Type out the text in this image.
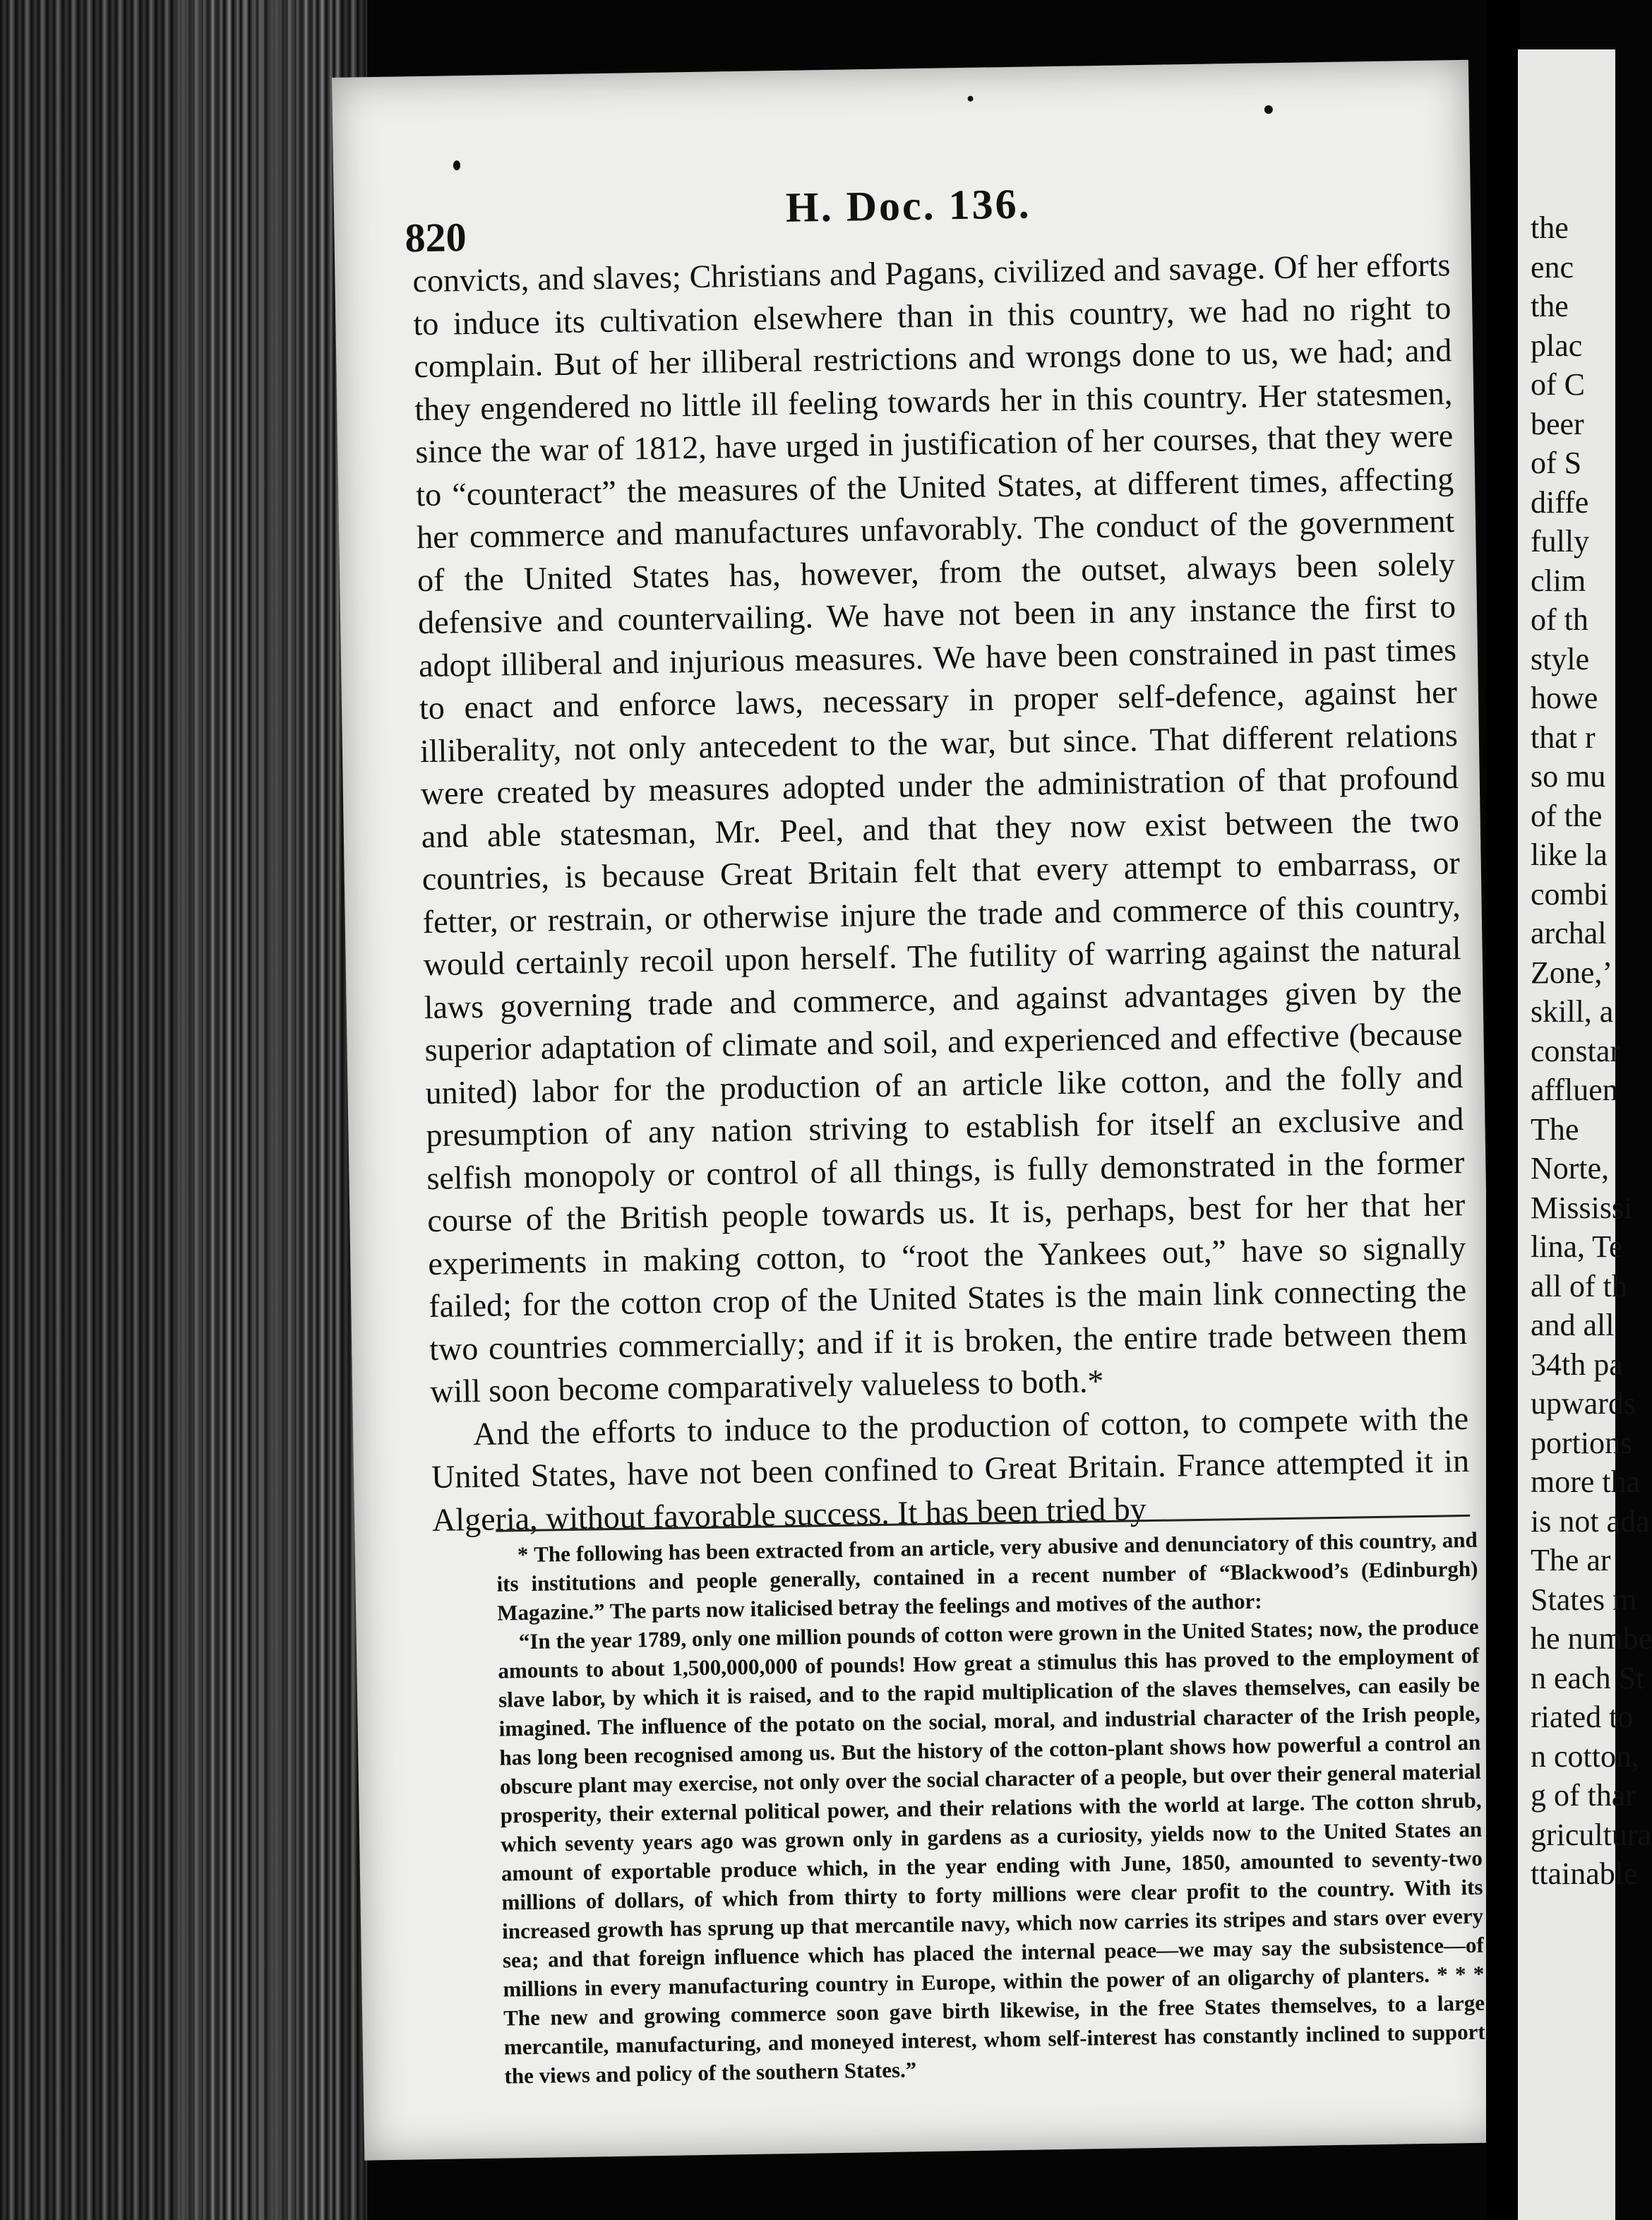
820
H. Doc. 136.

convicts, and slaves; Christians and Pagans, civilized and savage. Of her efforts to induce its cultivation elsewhere than in this country, we had no right to complain. But of her illiberal restrictions and wrongs done to us, we had; and they engendered no little ill feeling towards her in this country. Her statesmen, since the war of 1812, have urged in justification of her courses, that they were to “counteract” the measures of the United States, at different times, affecting her commerce and manufactures unfavorably. The conduct of the government of the United States has, however, from the outset, always been solely defensive and countervailing. We have not been in any instance the first to adopt illiberal and injurious measures. We have been constrained in past times to enact and enforce laws, necessary in proper self-defence, against her illiberality, not only antecedent to the war, but since. That different relations were created by measures adopted under the administration of that profound and able statesman, Mr. Peel, and that they now exist between the two countries, is because Great Britain felt that every attempt to embarrass, or fetter, or restrain, or otherwise injure the trade and commerce of this country, would certainly recoil upon herself. The futility of warring against the natural laws governing trade and commerce, and against advantages given by the superior adaptation of climate and soil, and experienced and effective (because united) labor for the production of an article like cotton, and the folly and presumption of any nation striving to establish for itself an exclusive and selfish monopoly or control of all things, is fully demonstrated in the former course of the British people towards us. It is, perhaps, best for her that her experiments in making cotton, to “root the Yankees out,” have so signally failed; for the cotton crop of the United States is the main link connecting the two countries commercially; and if it is broken, the entire trade between them will soon become comparatively valueless to both.*

And the efforts to induce to the production of cotton, to compete with the United States, have not been confined to Great Britain. France attempted it in Algeria, without favorable success. It has been tried by

* The following has been extracted from an article, very abusive and denunciatory of this country, and its institutions and people generally, contained in a recent number of “Blackwood’s (Edinburgh) Magazine.” The parts now italicised betray the feelings and motives of the author:

“In the year 1789, only one million pounds of cotton were grown in the United States; now, the produce amounts to about 1,500,000,000 of pounds! How great a stimulus this has proved to the employment of slave labor, by which it is raised, and to the rapid multiplication of the slaves themselves, can easily be imagined. The influence of the potato on the social, moral, and industrial character of the Irish people, has long been recognised among us. But the history of the cotton-plant shows how powerful a control an obscure plant may exercise, not only over the social character of a people, but over their general material prosperity, their external political power, and their relations with the world at large. The cotton shrub, which seventy years ago was grown only in gardens as a curiosity, yields now to the United States an amount of exportable produce which, in the year ending with June, 1850, amounted to seventy-two millions of dollars, of which from thirty to forty millions were clear profit to the country. With its increased growth has sprung up that mercantile navy, which now carries its stripes and stars over every sea; and that foreign influence which has placed the internal peace—we may say the subsistence—of millions in every manufacturing country in Europe, within the power of an oligarchy of planters. * * * The new and growing commerce soon gave birth likewise, in the free States themselves, to a large mercantile, manufacturing, and moneyed interest, whom self-interest has constantly inclined to support the views and policy of the southern States.”

the
enc
the
plac
of C
beer
of S
diffe
fully
clim
of th
style
howe
that r
so mu
of the
like la
combi
archal
Zone,’
skill, a
constar
affluen
The
Norte,
Mississi
lina, Te
all of th
and all
34th pa
upwards
portions
more tha
is not ada
The ar
States m
he numbe
n each St
riated to
n cotton,
g of thar
gricultura
ttainable
